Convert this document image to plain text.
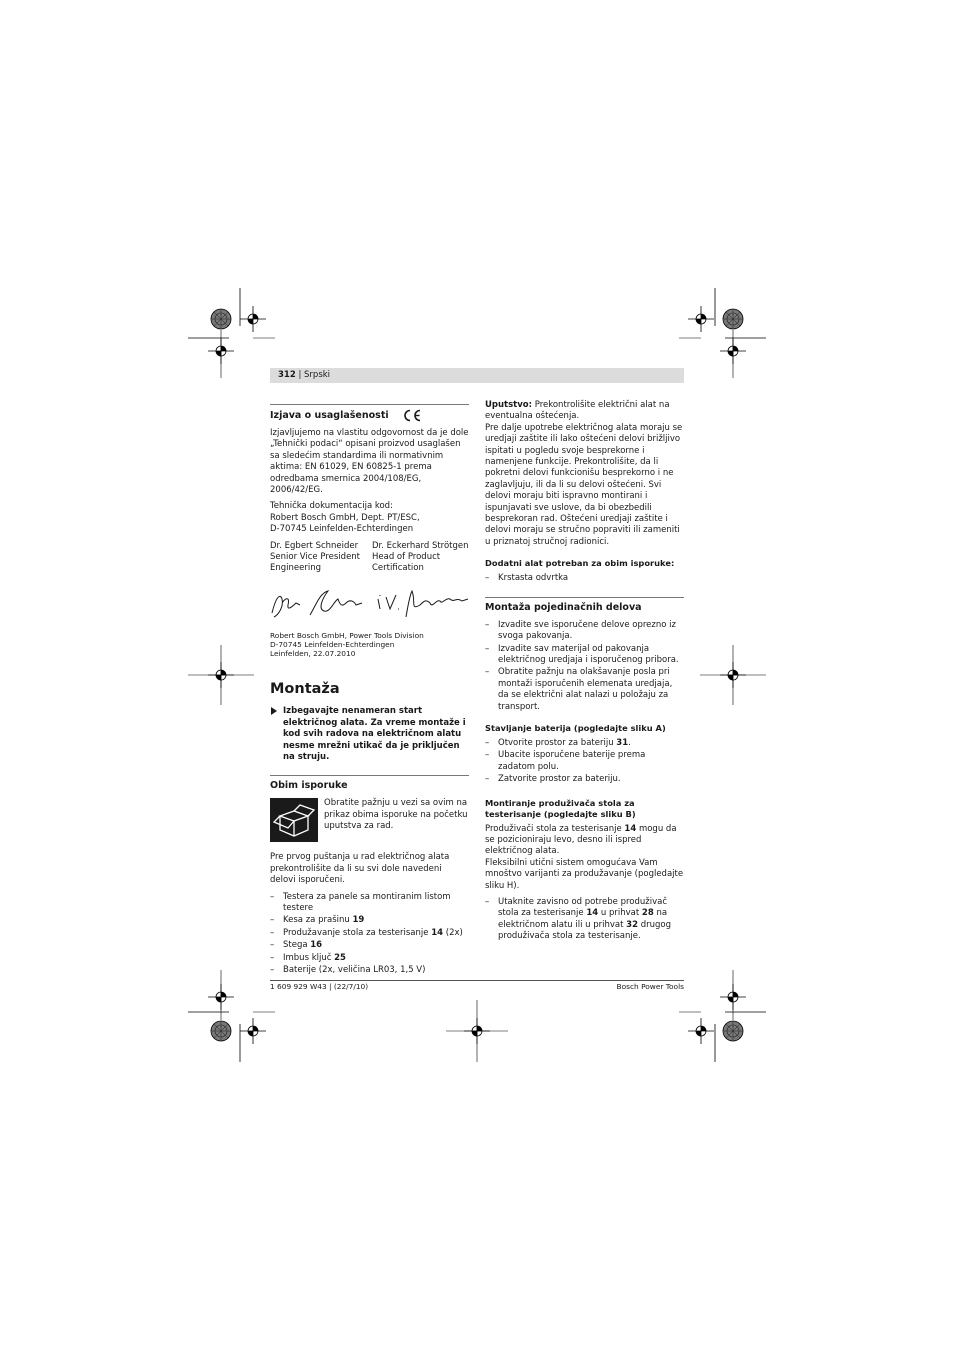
312 | Srpski
Izjava o usaglašenosti

Izjavljujemo na vlastitu odgovornost da je dole „Tehnički podaci“ opisani proizvod usaglašen sa sledećim standardima ili normativnim aktima: EN 61029, EN 60825-1 prema odredbama smernica 2004/108/EG, 2006/42/EG.

Tehnička dokumentacija kod:
Robert Bosch GmbH, Dept. PT/ESC,
D-70745 Leinfelden-Echterdingen

Dr. Egbert Schneider
Senior Vice President
Engineering
Dr. Eckerhard Strötgen
Head of Product
Certification

Robert Bosch GmbH, Power Tools Division
D-70745 Leinfelden-Echterdingen
Leinfelden, 22.07.2010

Montaža
Izbegavajte nenameran start električnog alata. Za vreme montaže i kod svih radova na električnom alatu nesme mrežni utikač da je priključen na struju.
Obim isporuke
Obratite pažnju u vezi sa ovim na prikaz obima isporuke na početku uputstva za rad.

Pre prvog puštanja u rad električnog alata prekontrolišite da li su svi dole navedeni delovi isporučeni.

– Testera za panele sa montiranim listom testere
– Kesa za prašinu 19
– Produžavanje stola za testerisanje 14 (2x)
– Stega 16
– Imbus ključ 25
– Baterije (2x, veličina LR03, 1,5 V)

Uputstvo: Prekontrolišite električni alat na eventualna oštećenja.

Pre dalje upotrebe električnog alata moraju se uredjaji zaštite ili lako oštećeni delovi brižljivo ispitati u pogledu svoje besprekorne i namenjene funkcije. Prekontrolišite, da li pokretni delovi funkcionišu besprekorno i ne zaglavljuju, ili da li su delovi oštećeni. Svi delovi moraju biti ispravno montirani i ispunjavati sve uslove, da bi obezbedili besprekoran rad. Oštećeni uredjaji zaštite i delovi moraju se stručno popraviti ili zameniti u priznatoj stručnoj radionici.

Dodatni alat potreban za obim isporuke:
– Krstasta odvrtka
Montaža pojedinačnih delova
– Izvadite sve isporučene delove oprezno iz svoga pakovanja.
– Izvadite sav materijal od pakovanja električnog uredjaja i isporučenog pribora.
– Obratite pažnju na olakšavanje posla pri montaži isporučenih elemenata uredjaja, da se električni alat nalazi u položaju za transport.
Stavljanje baterija (pogledajte sliku A)
– Otvorite prostor za bateriju 31.
– Ubacite isporučene baterije prema zadatom polu.
– Zatvorite prostor za bateriju.
Montiranje produživača stola za testerisanje (pogledajte sliku B)

Produživači stola za testerisanje 14 mogu da se pozicioniraju levo, desno ili ispred električnog alata.

Fleksibilni utični sistem omogućava Vam mnoštvo varijanti za produžavanje (pogledajte sliku H).

– Utaknite zavisno od potrebe produživač stola za testerisanje 14 u prihvat 28 na električnom alatu ili u prihvat 32 drugog produživača stola za testerisanje.
1 609 929 W43 | (22/7/10)	Bosch Power Tools
